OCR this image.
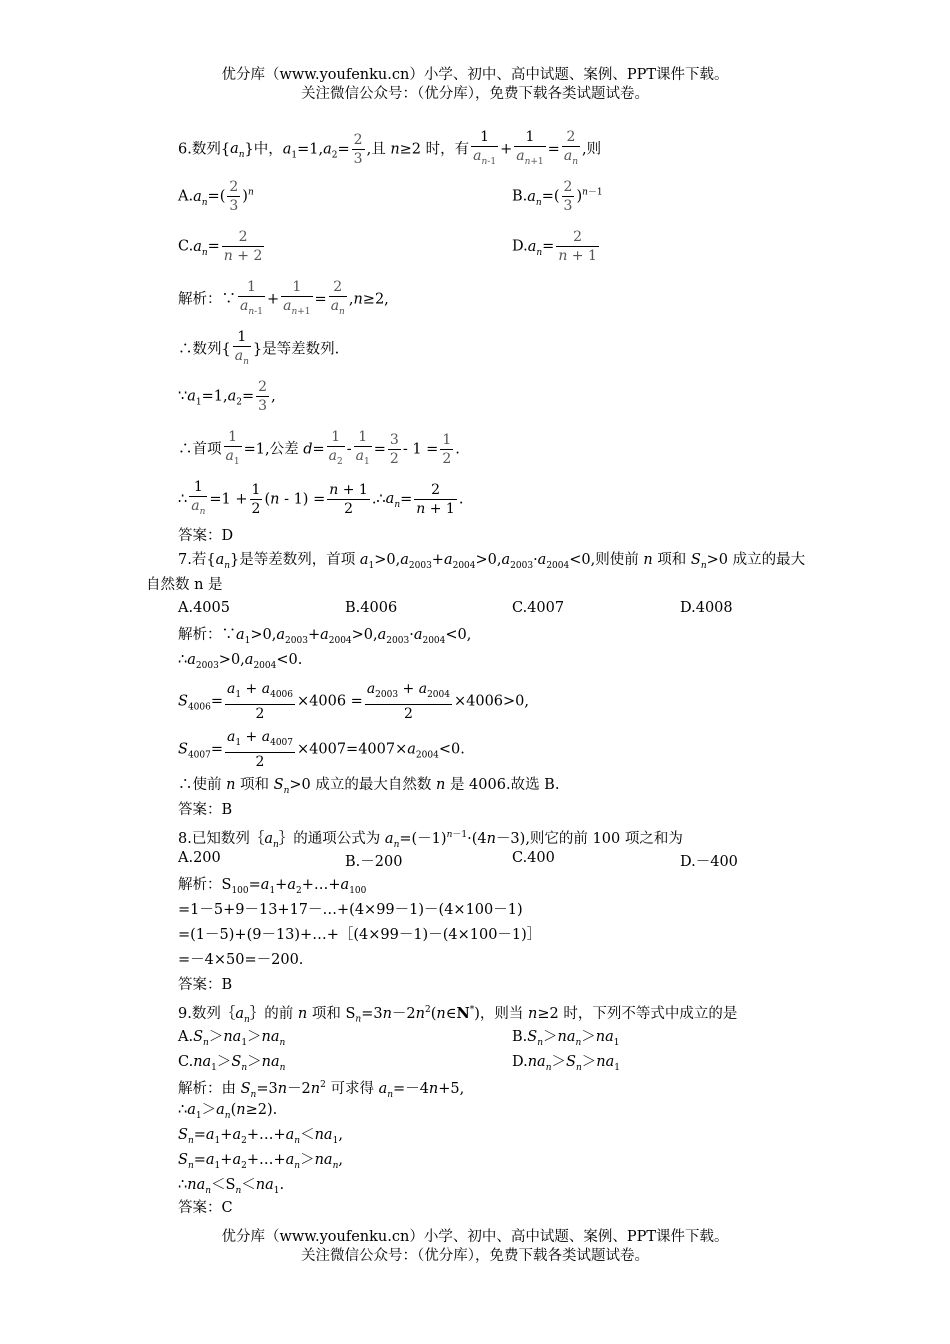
优分库（www.youfenku.cn）小学、初中、高中试题、案例、PPT课件下载。
关注微信公众号：（优分库），免费下载各类试题试卷。
6.数列$\{a_n\}$中，$a_1=1,a_2= \frac{2}{3}$ ,且 n≥2 时，有 $\frac{1}{a_{n-1}} + \frac{1}{a_{n+1}} = \frac{2}{a_n}$ ,则
$A.a_n=( \frac{2}{3} )^n$	$B.a_n=( \frac{2}{3} )^{n-1}$
$C.a_n= \frac{2}{n + 2}$	$D.a_n= \frac{2}{n + 1}$
解析：∵ $\frac{1}{a_{n-1}} + \frac{1}{a_{n+1}} = \frac{2}{a_n} ,n\ge 2$,
∴数列{ $\frac{1}{a_n}$ }是等差数列.
$\because a_1=1,a_2= \frac{2}{3}$ ,
∴首项 $\frac{1}{a_1} =1$,公差 $d= \frac{1}{a_2} - \frac{1}{a_1} = \frac{3}{2} - 1 = \frac{1}{2}$ .
∴ $\frac{1}{a_n} =1 + \frac{1}{2} (n - 1) = \frac{n + 1}{2}$ $.\therefore a_n= \frac{2}{n + 1}$ .
答案：D
7.若$\{a_n\}$是等差数列，首项 $a_1>0,a_{2003}+a_{2004}>0,a_{2003}\cdot a_{2004}<0$,则使前 n 项和 $S_n>0$ 成立的最大
自然数 n 是
A.4005	B.4006	C.4007	D.4008
解析：$\because a_1>0,a_{2003}+a_{2004}>0,a_{2003}\cdot a_{2004}<0$,
$\therefore a_{2003}>0,a_{2004}<0$.
$S_{4006}= \frac{a_1 + a_{4006}}{2} \times 4006 = \frac{a_{2003} + a_{2004}}{2} \times 4006>0$,
$S_{4007}= \frac{a_1 + a_{4007}}{2} \times 4007=4007\times a_{2004}<0$.
∴使前 n 项和 $S_n>0$ 成立的最大自然数 n 是 4006.故选 B.
答案：B
8.已知数列$\{a_n\}$的通项公式为 $a_n=(-1)^{n-1}\cdot(4n-3)$,则它的前 100 项之和为
A.200	B.－200	C.400	D.－400
解析：$S_{100}=a_1+a_2+\dots+a_{100}$
=1－5+9－13+17－…+(4×99－1)－(4×100－1)
=(1－5)+(9－13)+…+［(4×99－1)－(4×100－1)］
=－4×50=－200.
答案：B
9.数列$\{a_n\}$的前 n 项和 $S_n=3n-2n^2(n\in N^*)$，则当 n≥2 时，下列不等式中成立的是
$A.S_n>na_1>na_n$	$B.S_n>na_n>na_1$
$C.na_1>S_n>na_n$	$D.na_n>S_n>na_1$
解析：由 $S_n=3n-2n^2$ 可求得 $a_n=-4n+5$,
$\therefore a_1>a_n(n\ge 2)$.
$S_n=a_1+a_2+\dots+a_n<na_1$,
$S_n=a_1+a_2+\dots+a_n>na_n$,
$\therefore na_n<S_n<na_1$.
答案：C
优分库（www.youfenku.cn）小学、初中、高中试题、案例、PPT课件下载。
关注微信公众号：（优分库），免费下载各类试题试卷。
